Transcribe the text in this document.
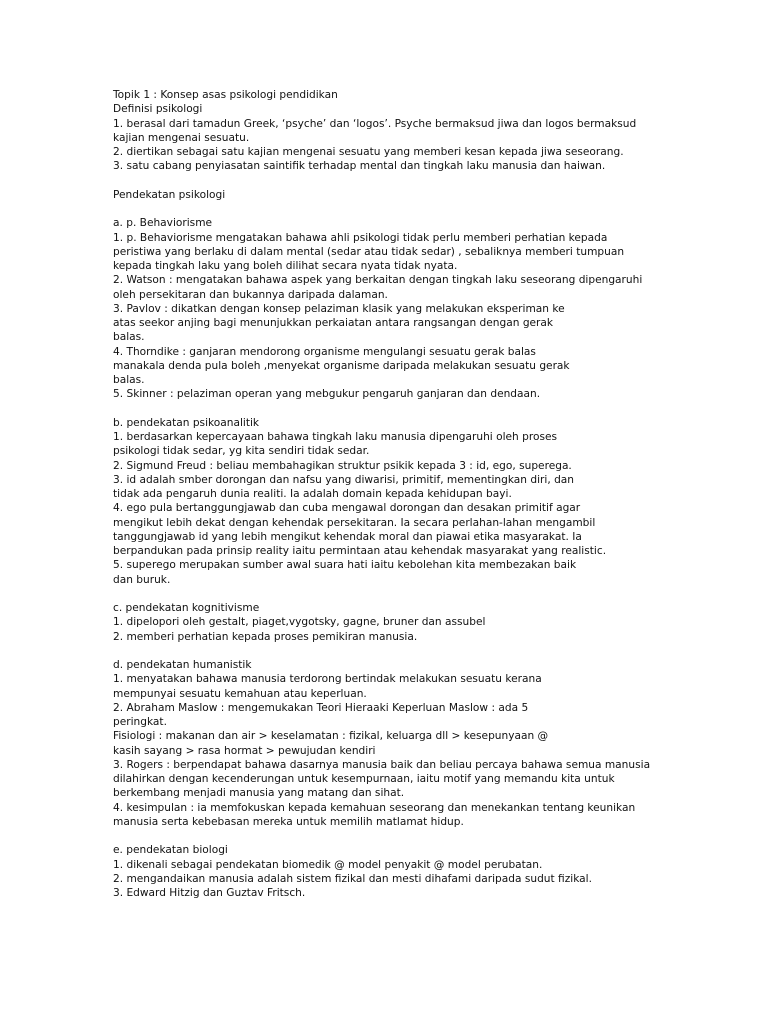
Topik 1 : Konsep asas psikologi pendidikan
Definisi psikologi
1. berasal dari tamadun Greek, ‘psyche’ dan ‘logos’. Psyche bermaksud jiwa dan logos bermaksud
kajian mengenai sesuatu.
2. diertikan sebagai satu kajian mengenai sesuatu yang memberi kesan kepada jiwa seseorang.
3. satu cabang penyiasatan saintifik terhadap mental dan tingkah laku manusia dan haiwan.
Pendekatan psikologi
a. p. Behaviorisme
1. p. Behaviorisme mengatakan bahawa ahli psikologi tidak perlu memberi perhatian kepada
peristiwa yang berlaku di dalam mental (sedar atau tidak sedar) , sebaliknya memberi tumpuan
kepada tingkah laku yang boleh dilihat secara nyata tidak nyata.
2. Watson : mengatakan bahawa aspek yang berkaitan dengan tingkah laku seseorang dipengaruhi
oleh persekitaran dan bukannya daripada dalaman.
3. Pavlov : dikatkan dengan konsep pelaziman klasik yang melakukan eksperiman ke
atas seekor anjing bagi menunjukkan perkaiatan antara rangsangan dengan gerak
balas.
4. Thorndike : ganjaran mendorong organisme mengulangi sesuatu gerak balas
manakala denda pula boleh ,menyekat organisme daripada melakukan sesuatu gerak
balas.
5. Skinner : pelaziman operan yang mebgukur pengaruh ganjaran dan dendaan.
b. pendekatan psikoanalitik
1. berdasarkan kepercayaan bahawa tingkah laku manusia dipengaruhi oleh proses
psikologi tidak sedar, yg kita sendiri tidak sedar.
2. Sigmund Freud : beliau membahagikan struktur psikik kepada 3 : id, ego, superega.
3. id adalah smber dorongan dan nafsu yang diwarisi, primitif, mementingkan diri, dan
tidak ada pengaruh dunia realiti. Ia adalah domain kepada kehidupan bayi.
4. ego pula bertanggungjawab dan cuba mengawal dorongan dan desakan primitif agar
mengikut lebih dekat dengan kehendak persekitaran. Ia secara perlahan-lahan mengambil
tanggungjawab id yang lebih mengikut kehendak moral dan piawai etika masyarakat. Ia
berpandukan pada prinsip reality iaitu permintaan atau kehendak masyarakat yang realistic.
5. superego merupakan sumber awal suara hati iaitu kebolehan kita membezakan baik
dan buruk.
c. pendekatan kognitivisme
1. dipelopori oleh gestalt, piaget,vygotsky, gagne, bruner dan assubel
2. memberi perhatian kepada proses pemikiran manusia.
d. pendekatan humanistik
1. menyatakan bahawa manusia terdorong bertindak melakukan sesuatu kerana
mempunyai sesuatu kemahuan atau keperluan.
2. Abraham Maslow : mengemukakan Teori Hieraaki Keperluan Maslow : ada 5
peringkat.
Fisiologi : makanan dan air > keselamatan : fizikal, keluarga dll > kesepunyaan @
kasih sayang > rasa hormat > pewujudan kendiri
3. Rogers : berpendapat bahawa dasarnya manusia baik dan beliau percaya bahawa semua manusia
dilahirkan dengan kecenderungan untuk kesempurnaan, iaitu motif yang memandu kita untuk
berkembang menjadi manusia yang matang dan sihat.
4. kesimpulan : ia memfokuskan kepada kemahuan seseorang dan menekankan tentang keunikan
manusia serta kebebasan mereka untuk memilih matlamat hidup.
e. pendekatan biologi
1. dikenali sebagai pendekatan biomedik @ model penyakit @ model perubatan.
2. mengandaikan manusia adalah sistem fizikal dan mesti dihafami daripada sudut fizikal.
3. Edward Hitzig dan Guztav Fritsch.
